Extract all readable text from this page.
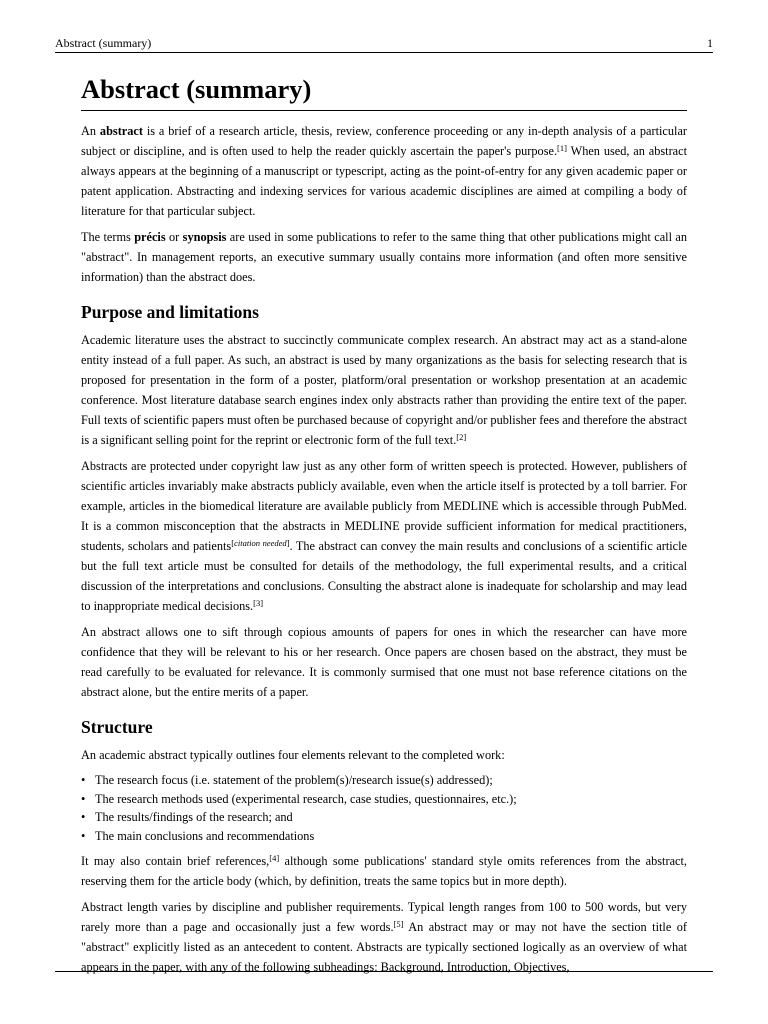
Abstract (summary)	1
Abstract (summary)

An abstract is a brief of a research article, thesis, review, conference proceeding or any in-depth analysis of a particular subject or discipline, and is often used to help the reader quickly ascertain the paper's purpose.[1] When used, an abstract always appears at the beginning of a manuscript or typescript, acting as the point-of-entry for any given academic paper or patent application. Abstracting and indexing services for various academic disciplines are aimed at compiling a body of literature for that particular subject.

The terms précis or synopsis are used in some publications to refer to the same thing that other publications might call an "abstract". In management reports, an executive summary usually contains more information (and often more sensitive information) than the abstract does.

Purpose and limitations

Academic literature uses the abstract to succinctly communicate complex research. An abstract may act as a stand-alone entity instead of a full paper. As such, an abstract is used by many organizations as the basis for selecting research that is proposed for presentation in the form of a poster, platform/oral presentation or workshop presentation at an academic conference. Most literature database search engines index only abstracts rather than providing the entire text of the paper. Full texts of scientific papers must often be purchased because of copyright and/or publisher fees and therefore the abstract is a significant selling point for the reprint or electronic form of the full text.[2]

Abstracts are protected under copyright law just as any other form of written speech is protected. However, publishers of scientific articles invariably make abstracts publicly available, even when the article itself is protected by a toll barrier. For example, articles in the biomedical literature are available publicly from MEDLINE which is accessible through PubMed. It is a common misconception that the abstracts in MEDLINE provide sufficient information for medical practitioners, students, scholars and patients[citation needed]. The abstract can convey the main results and conclusions of a scientific article but the full text article must be consulted for details of the methodology, the full experimental results, and a critical discussion of the interpretations and conclusions. Consulting the abstract alone is inadequate for scholarship and may lead to inappropriate medical decisions.[3]

An abstract allows one to sift through copious amounts of papers for ones in which the researcher can have more confidence that they will be relevant to his or her research. Once papers are chosen based on the abstract, they must be read carefully to be evaluated for relevance. It is commonly surmised that one must not base reference citations on the abstract alone, but the entire merits of a paper.

Structure

An academic abstract typically outlines four elements relevant to the completed work:

• The research focus (i.e. statement of the problem(s)/research issue(s) addressed);
• The research methods used (experimental research, case studies, questionnaires, etc.);
• The results/findings of the research; and
• The main conclusions and recommendations

It may also contain brief references,[4] although some publications' standard style omits references from the abstract, reserving them for the article body (which, by definition, treats the same topics but in more depth).

Abstract length varies by discipline and publisher requirements. Typical length ranges from 100 to 500 words, but very rarely more than a page and occasionally just a few words.[5] An abstract may or may not have the section title of "abstract" explicitly listed as an antecedent to content. Abstracts are typically sectioned logically as an overview of what appears in the paper, with any of the following subheadings: Background, Introduction, Objectives,
